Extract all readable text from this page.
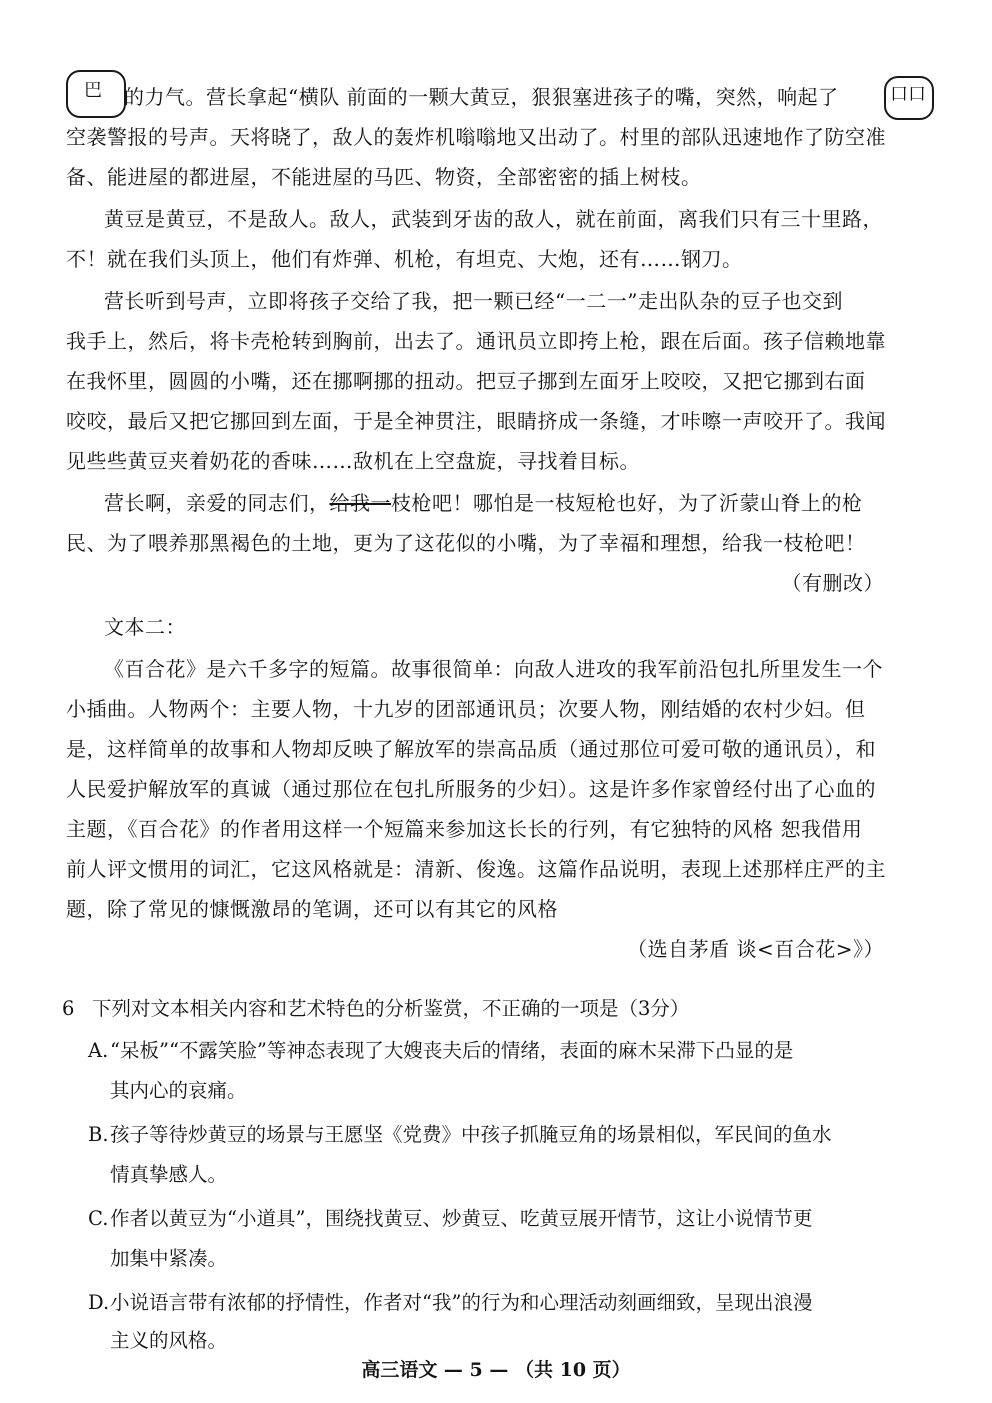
巴	口口
的力气。营长拿起“横队 前面的一颗大黄豆，狠狠塞进孩子的嘴，突然，响起了
空袭警报的号声。天将晓了，敌人的轰炸机嗡嗡地又出动了。村里的部队迅速地作了防空准
备、能进屋的都进屋，不能进屋的马匹、物资，全部密密的插上树枝。
黄豆是黄豆，不是敌人。敌人，武装到牙齿的敌人，就在前面，离我们只有三十里路，
不！就在我们头顶上，他们有炸弹、机枪，有坦克、大炮，还有……钢刀。
营长听到号声，立即将孩子交给了我，把一颗已经“一二一”走出队杂的豆子也交到
我手上，然后，将卡壳枪转到胸前，出去了。通讯员立即挎上枪，跟在后面。孩子信赖地靠
在我怀里，圆圆的小嘴，还在挪啊挪的扭动。把豆子挪到左面牙上咬咬，又把它挪到右面
咬咬，最后又把它挪回到左面，于是全神贯注，眼睛挤成一条缝，才咔嚓一声咬开了。我闻
见些些黄豆夹着奶花的香味……敌机在上空盘旋，寻找着目标。
营长啊，亲爱的同志们，给我一枝枪吧！哪怕是一枝短枪也好，为了沂蒙山脊上的枪
民、为了喂养那黑褐色的土地，更为了这花似的小嘴，为了幸福和理想，给我一枝枪吧！
（有删改）
文本二：
《百合花》是六千多字的短篇。故事很简单：向敌人进攻的我军前沿包扎所里发生一个
小插曲。人物两个：主要人物，十九岁的团部通讯员；次要人物，刚结婚的农村少妇。但
是，这样简单的故事和人物却反映了解放军的崇高品质（通过那位可爱可敬的通讯员），和
人民爱护解放军的真诚（通过那位在包扎所服务的少妇）。这是许多作家曾经付出了心血的
主题，《百合花》的作者用这样一个短篇来参加这长长的行列，有它独特的风格 恕我借用
前人评文惯用的词汇，它这风格就是：清新、俊逸。这篇作品说明，表现上述那样庄严的主
题，除了常见的慷慨激昂的笔调，还可以有其它的风格
（选自茅盾 谈<百合花>》）
6 下列对文本相关内容和艺术特色的分析鉴赏，不正确的一项是（3分）
A. “呆板”“不露笑脸”等神态表现了大嫂丧夫后的情绪，表面的麻木呆滞下凸显的是
其内心的哀痛。
B. 孩子等待炒黄豆的场景与王愿坚《党费》中孩子抓腌豆角的场景相似，军民间的鱼水
情真挚感人。
C. 作者以黄豆为“小道具”，围绕找黄豆、炒黄豆、吃黄豆展开情节，这让小说情节更
加集中紧凑。
D. 小说语言带有浓郁的抒情性，作者对“我”的行为和心理活动刻画细致，呈现出浪漫
主义的风格。
高三语文 — 5 — （共 10 页）
